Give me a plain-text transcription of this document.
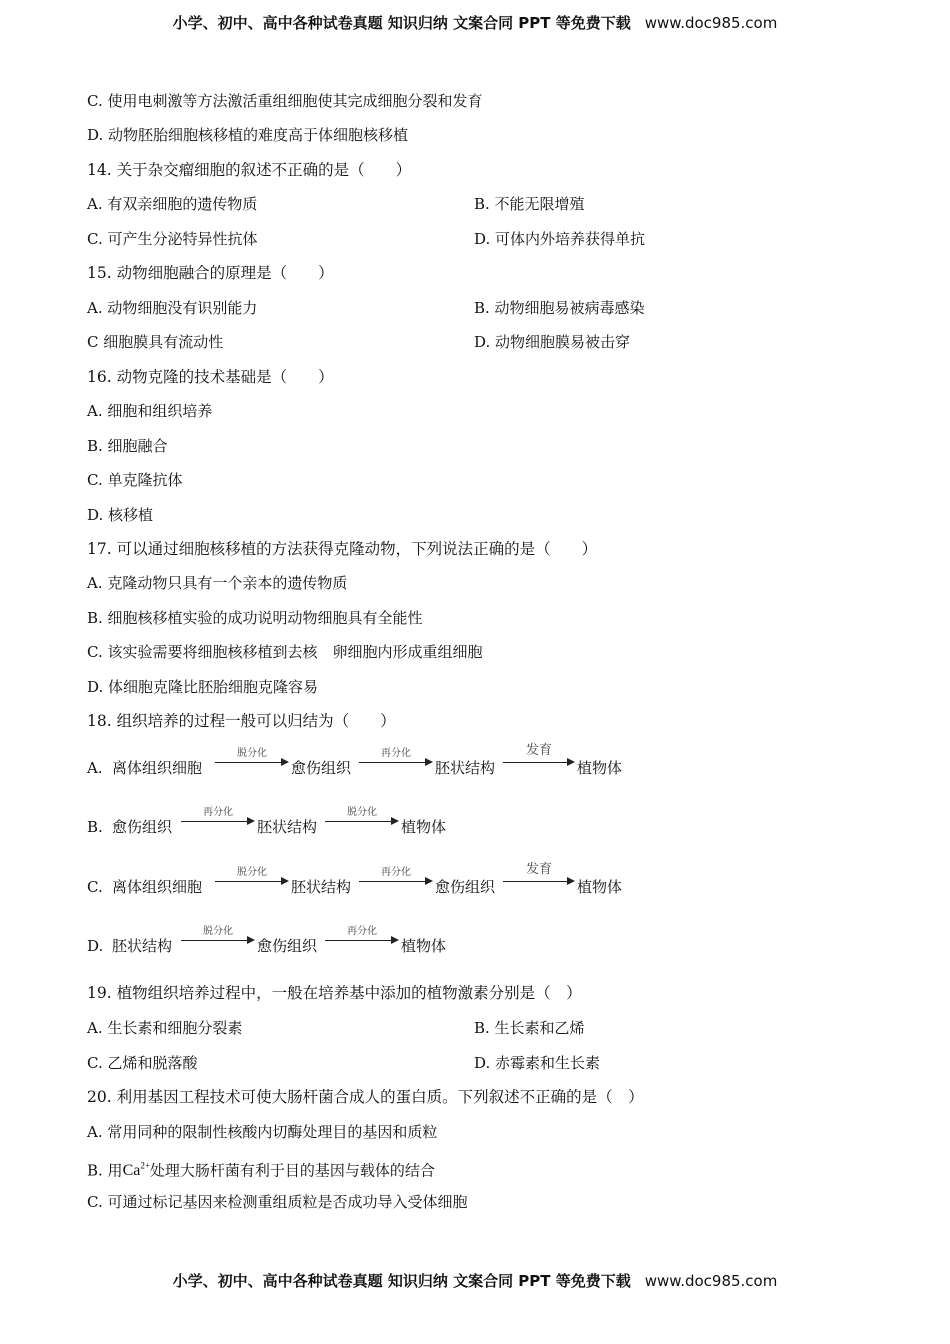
小学、初中、高中各种试卷真题 知识归纳 文案合同 PPT 等免费下载 www.doc985.com
C. 使用电刺激等方法激活重组细胞使其完成细胞分裂和发育
D. 动物胚胎细胞核移植的难度高于体细胞核移植
14. 关于杂交瘤细胞的叙述不正确的是（　　）
A. 有双亲细胞的遗传物质	B. 不能无限增殖
C. 可产生分泌特异性抗体	D. 可体内外培养获得单抗
15. 动物细胞融合的原理是（　　）
A. 动物细胞没有识别能力	B. 动物细胞易被病毒感染
C 细胞膜具有流动性	D. 动物细胞膜易被击穿
16. 动物克隆的技术基础是（　　）
A. 细胞和组织培养
B. 细胞融合
C. 单克隆抗体
D. 核移植
17. 可以通过细胞核移植的方法获得克隆动物，下列说法正确的是（　　）
A. 克隆动物只具有一个亲本的遗传物质
B. 细胞核移植实验的成功说明动物细胞具有全能性
C. 该实验需要将细胞核移植到去核　卵细胞内形成重组细胞
D. 体细胞克隆比胚胎细胞克隆容易
18. 组织培养的过程一般可以归结为（　　）
A. 离体组织细胞
脱分化
愈伤组织
再分化
胚状结构
发育
植物体
B. 愈伤组织
再分化
胚状结构
脱分化
植物体
C. 离体组织细胞
脱分化
胚状结构
再分化
愈伤组织
发育
植物体
D. 胚状结构
脱分化
愈伤组织
再分化
植物体
19. 植物组织培养过程中，一般在培养基中添加的植物激素分别是（　）
A. 生长素和细胞分裂素	B. 生长素和乙烯
C. 乙烯和脱落酸	D. 赤霉素和生长素
20. 利用基因工程技术可使大肠杆菌合成人的蛋白质。下列叙述不正确的是（　）
A. 常用同种的限制性核酸内切酶处理目的基因和质粒
B. 用$Ca^{2+}$处理大肠杆菌有利于目的基因与载体的结合
C. 可通过标记基因来检测重组质粒是否成功导入受体细胞
小学、初中、高中各种试卷真题 知识归纳 文案合同 PPT 等免费下载 www.doc985.com
